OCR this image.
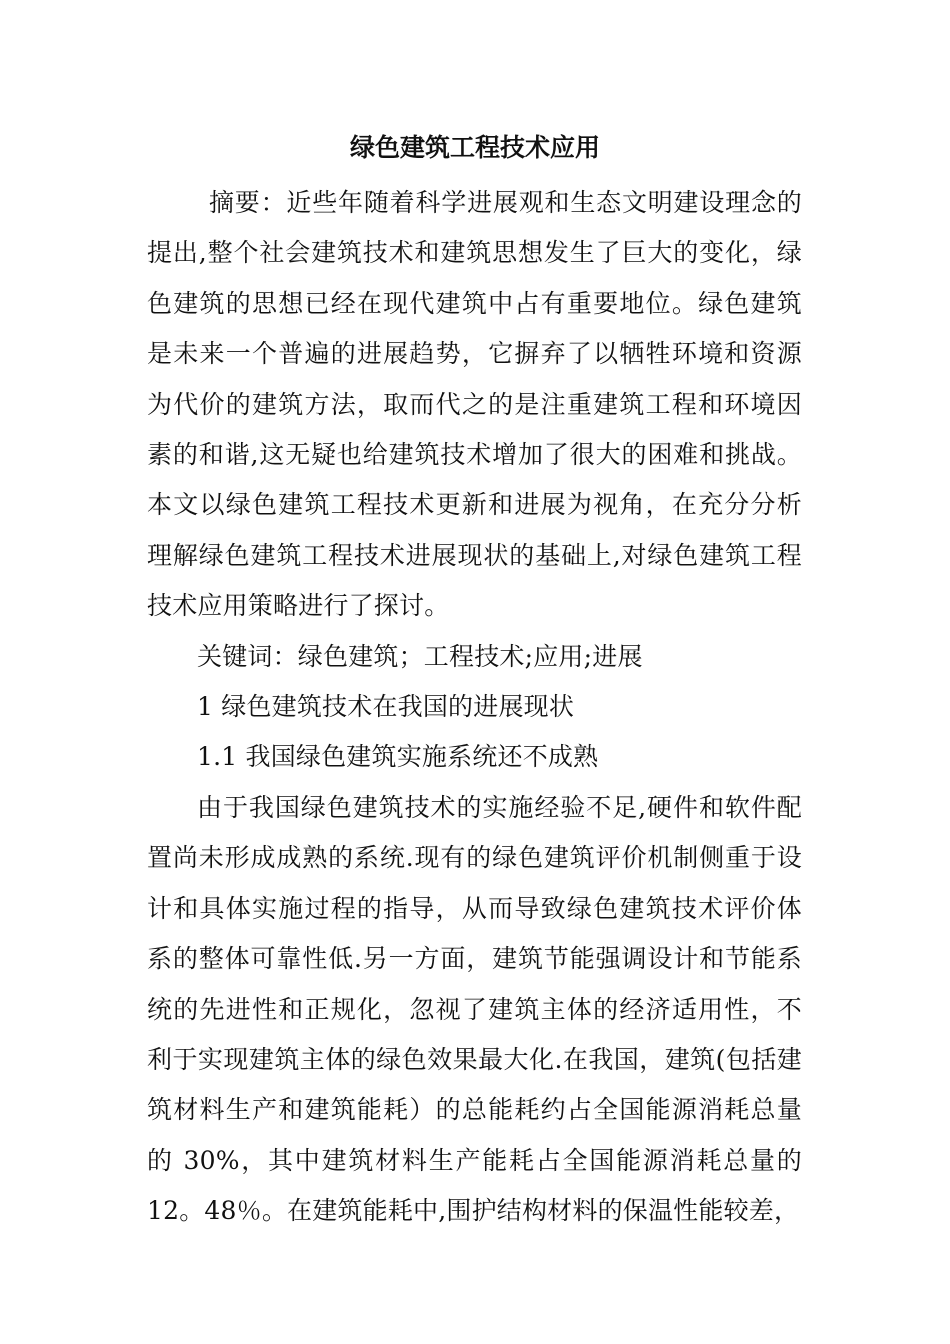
绿色建筑工程技术应用

摘要：近些年随着科学进展观和生态文明建设理念的提出,整个社会建筑技术和建筑思想发生了巨大的变化，绿色建筑的思想已经在现代建筑中占有重要地位。绿色建筑是未来一个普遍的进展趋势，它摒弃了以牺牲环境和资源为代价的建筑方法，取而代之的是注重建筑工程和环境因素的和谐,这无疑也给建筑技术增加了很大的困难和挑战。本文以绿色建筑工程技术更新和进展为视角，在充分分析理解绿色建筑工程技术进展现状的基础上,对绿色建筑工程技术应用策略进行了探讨。

关键词：绿色建筑；工程技术;应用;进展

1 绿色建筑技术在我国的进展现状

1.1 我国绿色建筑实施系统还不成熟

由于我国绿色建筑技术的实施经验不足,硬件和软件配置尚未形成成熟的系统.现有的绿色建筑评价机制侧重于设计和具体实施过程的指导，从而导致绿色建筑技术评价体系的整体可靠性低.另一方面，建筑节能强调设计和节能系统的先进性和正规化，忽视了建筑主体的经济适用性，不利于实现建筑主体的绿色效果最大化.在我国，建筑(包括建筑材料生产和建筑能耗）的总能耗约占全国能源消耗总量的 30%，其中建筑材料生产能耗占全国能源消耗总量的12。48％。在建筑能耗中,围护结构材料的保温性能较差，
